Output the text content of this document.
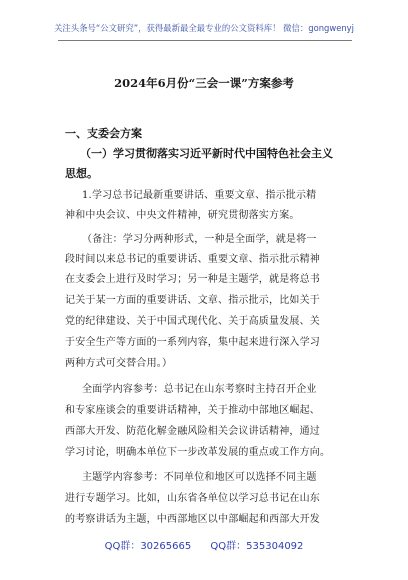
关注头条号“公文研究”，获得最新最全最专业的公文资料库！ 微信：gongwenyj
2024年6月份“三会一课”方案参考
一、支委会方案
（一）学习贯彻落实习近平新时代中国特色社会主义
思想。
1.学习总书记最新重要讲话、重要文章、指示批示精
神和中央会议、中央文件精神，研究贯彻落实方案。
（备注：学习分两种形式，一种是全面学，就是将一
段时间以来总书记的重要讲话、重要文章、指示批示精神
在支委会上进行及时学习；另一种是主题学，就是将总书
记关于某一方面的重要讲话、文章、指示批示，比如关于
党的纪律建设、关于中国式现代化、关于高质量发展、关
于安全生产等方面的一系列内容，集中起来进行深入学习
两种方式可交替合用。）
全面学内容参考：总书记在山东考察时主持召开企业
和专家座谈会的重要讲话精神，关于推动中部地区崛起、
西部大开发、防范化解金融风险相关会议讲话精神，通过
学习讨论，明确本单位下一步改革发展的重点或工作方向。
主题学内容参考：不同单位和地区可以选择不同主题
进行专题学习。比如，山东省各单位以学习总书记在山东
的考察讲话为主题，中西部地区以中部崛起和西部大开发
QQ群：30265665 QQ群：535304092
